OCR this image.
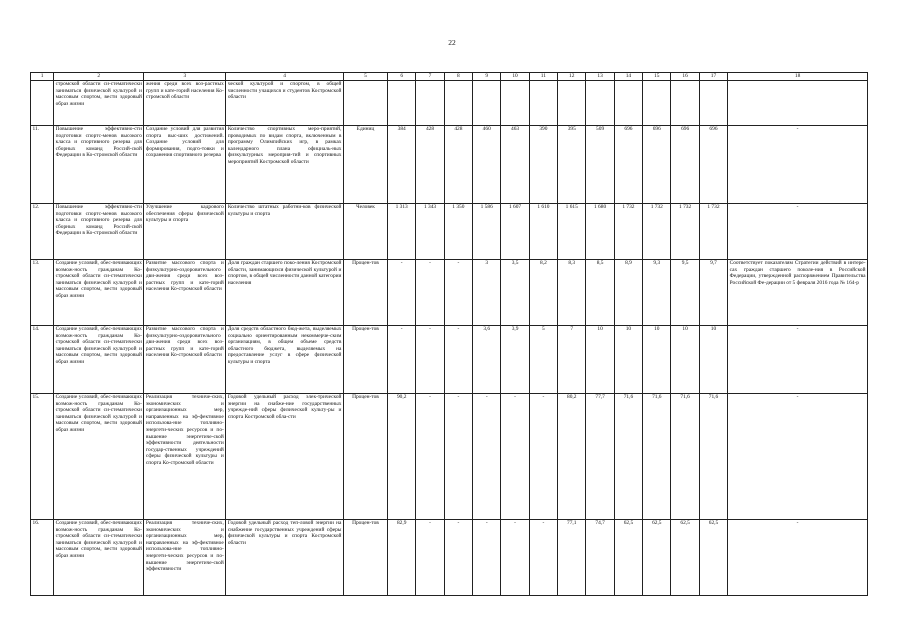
22
1	2	3	4	5	6	7	8	9	10	11	12	13	14	15	16	17	18
	стромской области си-стематически заниматься физической культурой и массовым спортом, вести здоровый образ жизни	жения среди всех воз-растных групп и кате-горий населения Ко-стромской области	ческой культурой и спортом, в общей численности учащихся и студентов Костромской области														
11.	Повышение эффективно-сти подготовки спортс-менов высокого класса и спортивного резерва для сборных команд Россий-ской Федерации в Ко-стромской области	Создание условий для развития спорта выс-ших достижений. Создание условий для формирования, подго-товки и сохранения спортивного резерва	Количество спортивных меро-приятий, проводимых по видам спорта, включенным в программу Олимпийских игр, в рамках календарного плана официаль-ных физкультурных мероприя-тий и спортивных мероприятий Костромской области	Единиц	384	428	428	460	463	390	395	509	696	696	696	696	-
12.	Повышение эффективно-сти подготовки спортс-менов высокого класса и спортивного резерва для сборных команд Россий-ской Федерации в Ко-стромской области	Улучшение кадрового обеспечения сферы физической культуры и спорта	Количество штатных работни-ков физической культуры и спорта	Человек	1 313	1 343	1 350	1 586	1 607	1 610	1 615	1 680	1 732	1 732	1 732	1 732	-
13.	Создание условий, обес-печивающих возмож-ность гражданам Ко-стромской области си-стематически заниматься физической культурой и массовым спортом, вести здоровый образ жизни	Развитие массового спорта и физкультурно-оздоровительного дви-жения среди всех воз-растных групп и кате-горий населения Ко-стромской области	Доля граждан старшего поко-ления Костромской области, занимающихся физической культурой и спортом, в общей численности данной категории населения	Процен-тов	-	-	-	3	3,5	8,2	8,3	8,5	8,9	9,3	9,5	9,7	Соответствует показателям Стратегии действий в интере-сах граждан старшего поколе-ния в Российской Федерации, утвержденной распоряжением Правительства Российской Фе-дерации от 5 февраля 2016 года № 164-р
14.	Создание условий, обес-печивающих возмож-ность гражданам Ко-стромской области си-стематически заниматься физической культурой и массовым спортом, вести здоровый образ жизни	Развитие массового спорта и физкультурно-оздоровительного дви-жения среди всех воз-растных групп и кате-горий населения Ко-стромской области	Доля средств областного бюд-жета, выделяемых социально ориентированным некоммерче-ским организациям, в общем объеме средств областного бюджета, выделяемых на предоставление услуг в сфере физической культуры и спорта	Процен-тов	-	-	-	3,6	3,9	5	7	10	10	10	10	10	-
15.	Создание условий, обес-печивающих возмож-ность гражданам Ко-стромской области си-стематически заниматься физической культурой и массовым спортом, вести здоровый образ жизни	Реализация техниче-ских, экономических и организационных мер, направленных на эф-фективное использова-ние топливно-энергети-ческих ресурсов и по-вышение энергетиче-ской эффективности деятельности государ-ственных учреждений сферы физической культуры и спорта Ко-стромской области	Годовой удельный расход элек-трической энергии на снабже-ние государственных учрежде-ний сферы физической культу-ры и спорта Костромской обла-сти	Процен-тов	90,2	-	-	-	-	-	80,2	77,7	71,6	71,6	71,6	71,6	-
16.	Создание условий, обес-печивающих возмож-ность гражданам Ко-стромской области си-стематически заниматься физической культурой и массовым спортом, вести здоровый образ жизни	Реализация техниче-ских, экономических и организационных мер, направленных на эф-фективное использова-ние топливно-энергети-ческих ресурсов и по-вышение энергетиче-ской эффективности	Годовой удельный расход теп-ловой энергии на снабжение государственных учреждений сферы физической культуры и спорта Костромской области	Процен-тов	82,9	-	-	-	-	-	77,1	74,7	62,5	62,5	62,5	62,5	-
